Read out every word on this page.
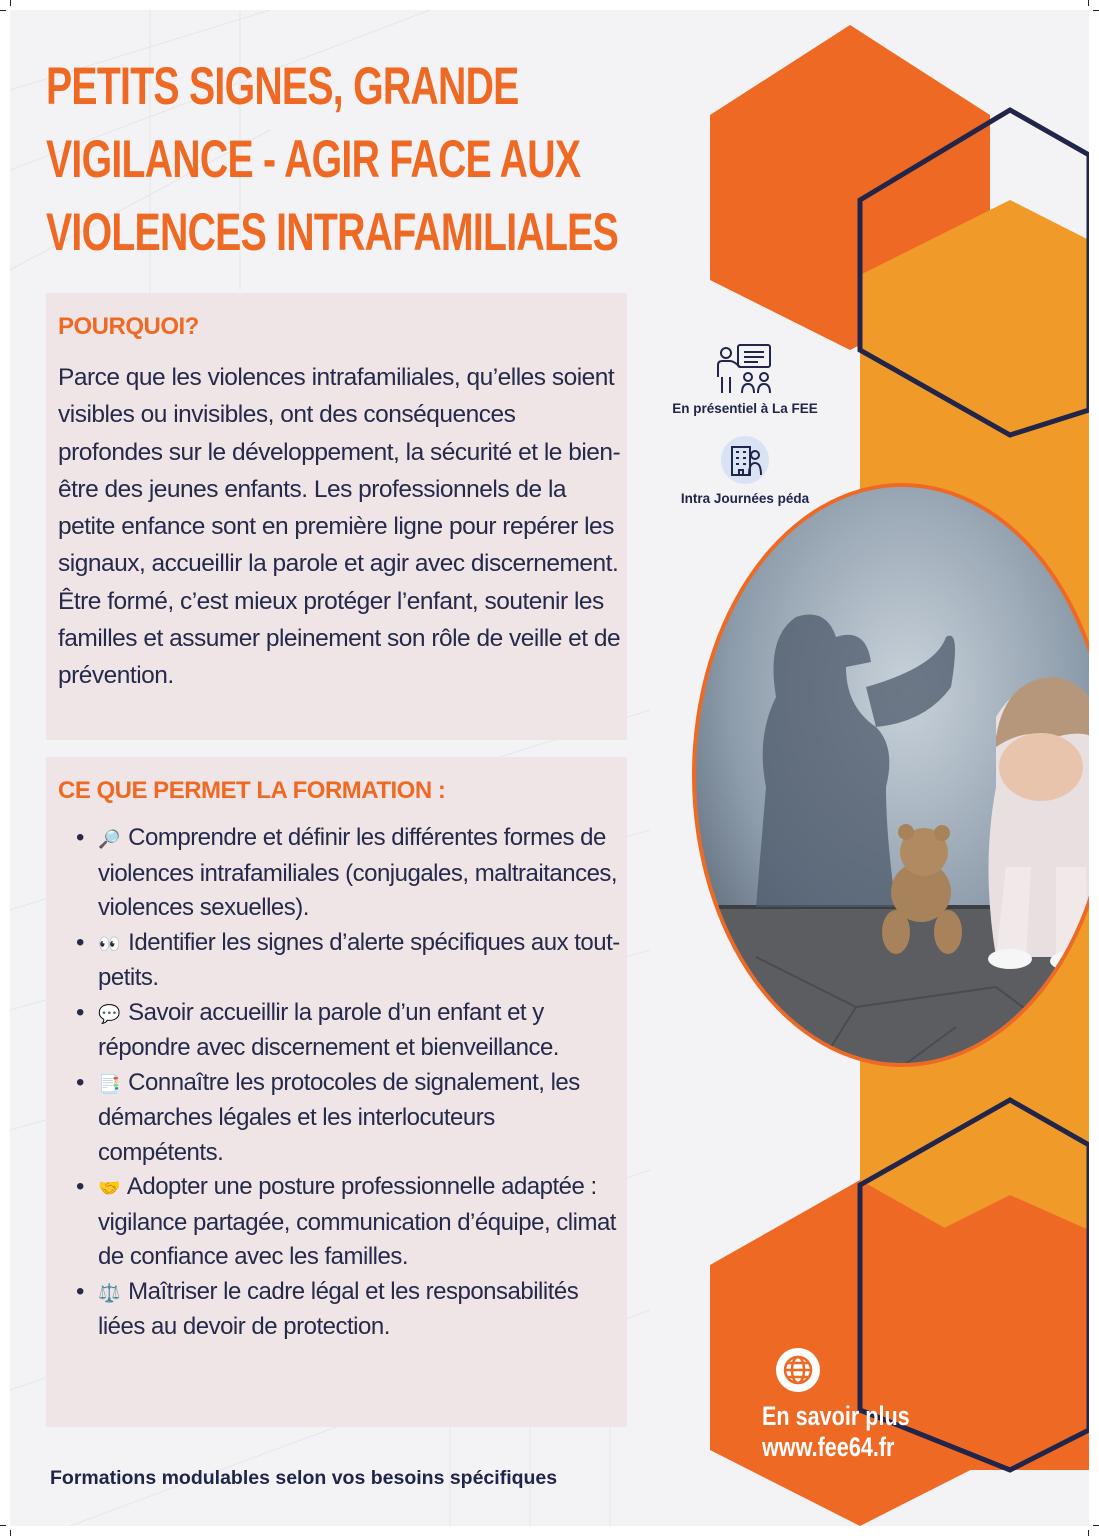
PETITS SIGNES, GRANDE VIGILANCE - AGIR FACE AUX VIOLENCES INTRAFAMILIALES
POURQUOI?

Parce que les violences intrafamiliales, qu’elles soient visibles ou invisibles, ont des conséquences profondes sur le développement, la sécurité et le bien-être des jeunes enfants. Les professionnels de la petite enfance sont en première ligne pour repérer les signaux, accueillir la parole et agir avec discernement. Être formé, c’est mieux protéger l’enfant, soutenir les familles et assumer pleinement son rôle de veille et de prévention.

CE QUE PERMET LA FORMATION :
• 🔎 Comprendre et définir les différentes formes de violences intrafamiliales (conjugales, maltraitances, violences sexuelles).
• 👀 Identifier les signes d’alerte spécifiques aux tout-petits.
• 💬 Savoir accueillir la parole d’un enfant et y répondre avec discernement et bienveillance.
• 📑 Connaître les protocoles de signalement, les démarches légales et les interlocuteurs compétents.
• 🤝 Adopter une posture professionnelle adaptée : vigilance partagée, communication d’équipe, climat de confiance avec les familles.
• ⚖️ Maîtriser le cadre légal et les responsabilités liées au devoir de protection.
En présentiel à La FEE
Intra Journées péda
En savoir plus
www.fee64.fr
Formations modulables selon vos besoins spécifiques
